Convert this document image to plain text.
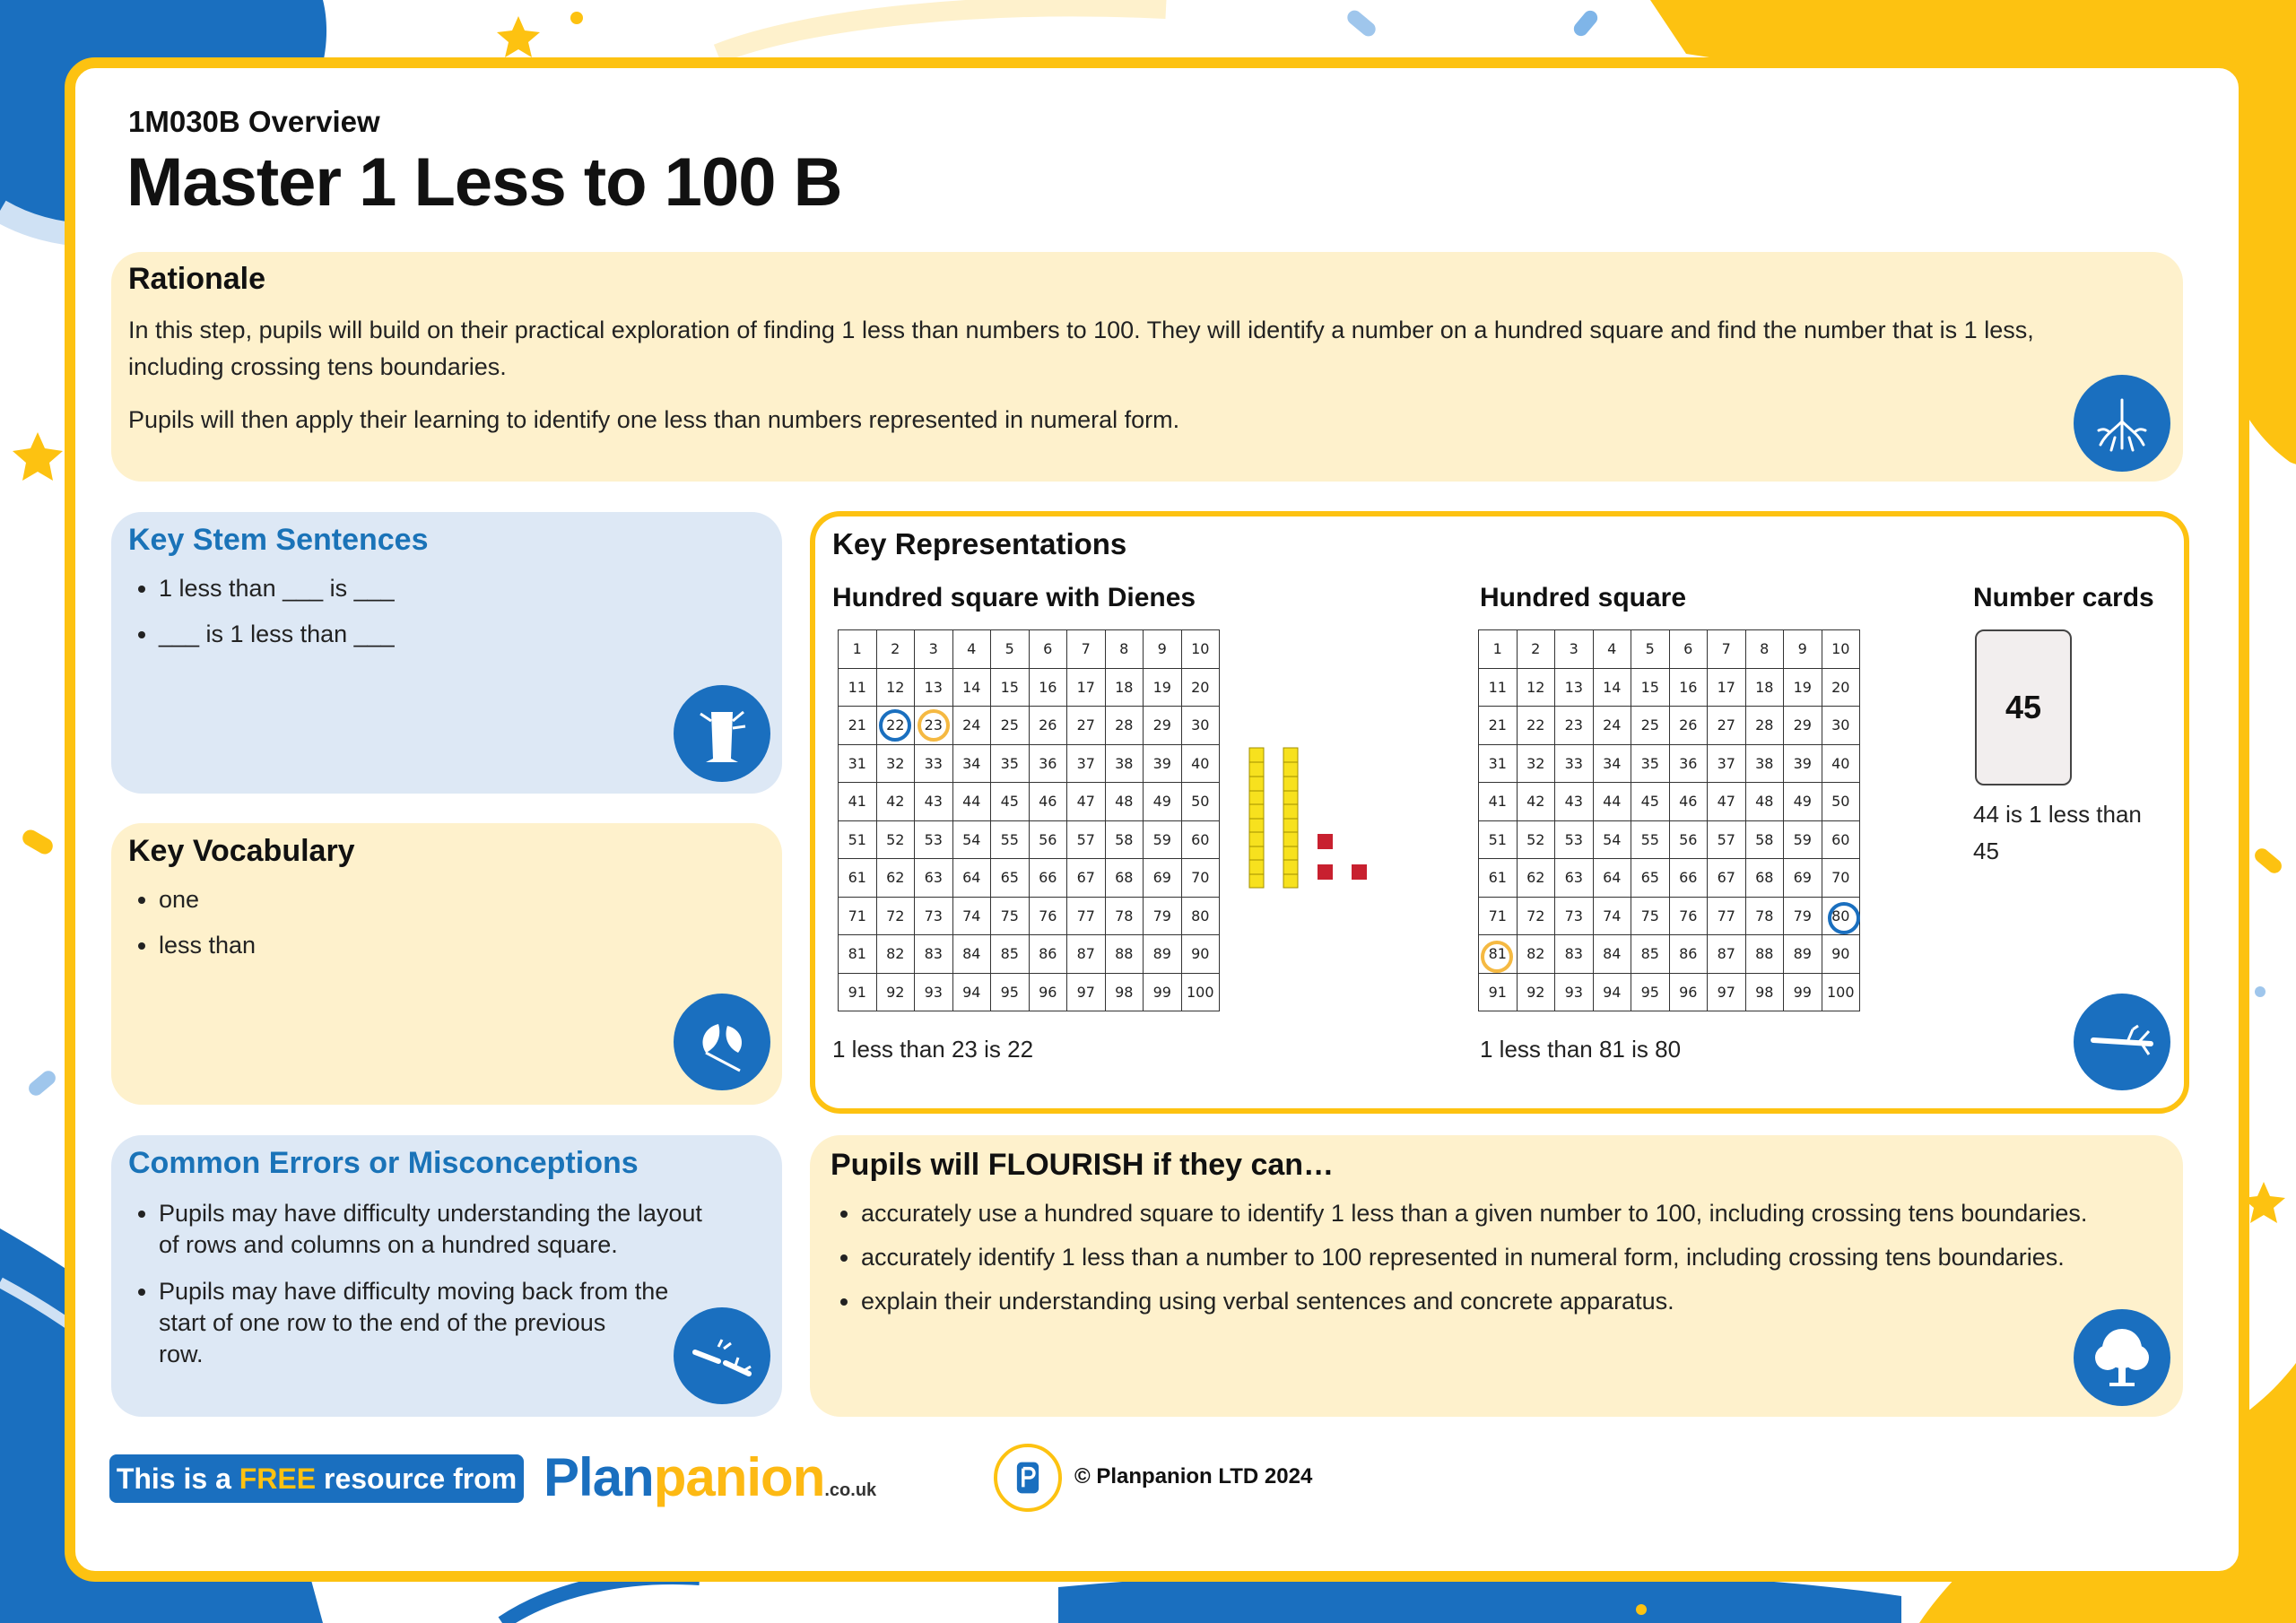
1M030B Overview
Master 1 Less to 100 B
Rationale
In this step, pupils will build on their practical exploration of finding 1 less than numbers to 100. They will identify a number on a hundred square and find the number that is 1 less,
including crossing tens boundaries.
Pupils will then apply their learning to identify one less than numbers represented in numeral form.
Key Stem Sentences
• 1 less than ___ is ___
• ___ is 1 less than ___
Key Vocabulary
• one
• less than
Common Errors or Misconceptions
• Pupils may have difficulty understanding the layout
of rows and columns on a hundred square.
• Pupils may have difficulty moving back from the
start of one row to the end of the previous
row.
Key Representations
Hundred square with Dienes	Hundred square	Number cards
1	2	3	4	5	6	7	8	9	10
11	12	13	14	15	16	17	18	19	20
21	22	23	24	25	26	27	28	29	30
31	32	33	34	35	36	37	38	39	40
41	42	43	44	45	46	47	48	49	50
51	52	53	54	55	56	57	58	59	60
61	62	63	64	65	66	67	68	69	70
71	72	73	74	75	76	77	78	79	80
81	82	83	84	85	86	87	88	89	90
91	92	93	94	95	96	97	98	99	100
1 less than 23 is 22
1	2	3	4	5	6	7	8	9	10
11	12	13	14	15	16	17	18	19	20
21	22	23	24	25	26	27	28	29	30
31	32	33	34	35	36	37	38	39	40
41	42	43	44	45	46	47	48	49	50
51	52	53	54	55	56	57	58	59	60
61	62	63	64	65	66	67	68	69	70
71	72	73	74	75	76	77	78	79	80
81	82	83	84	85	86	87	88	89	90
91	92	93	94	95	96	97	98	99	100
1 less than 81 is 80
45
44 is 1 less than
45
Pupils will FLOURISH if they can…
• accurately use a hundred square to identify 1 less than a given number to 100, including crossing tens boundaries.
• accurately identify 1 less than a number to 100 represented in numeral form, including crossing tens boundaries.
• explain their understanding using verbal sentences and concrete apparatus.
This is a FREE resource from Planpanion.co.uk
© Planpanion LTD 2024
